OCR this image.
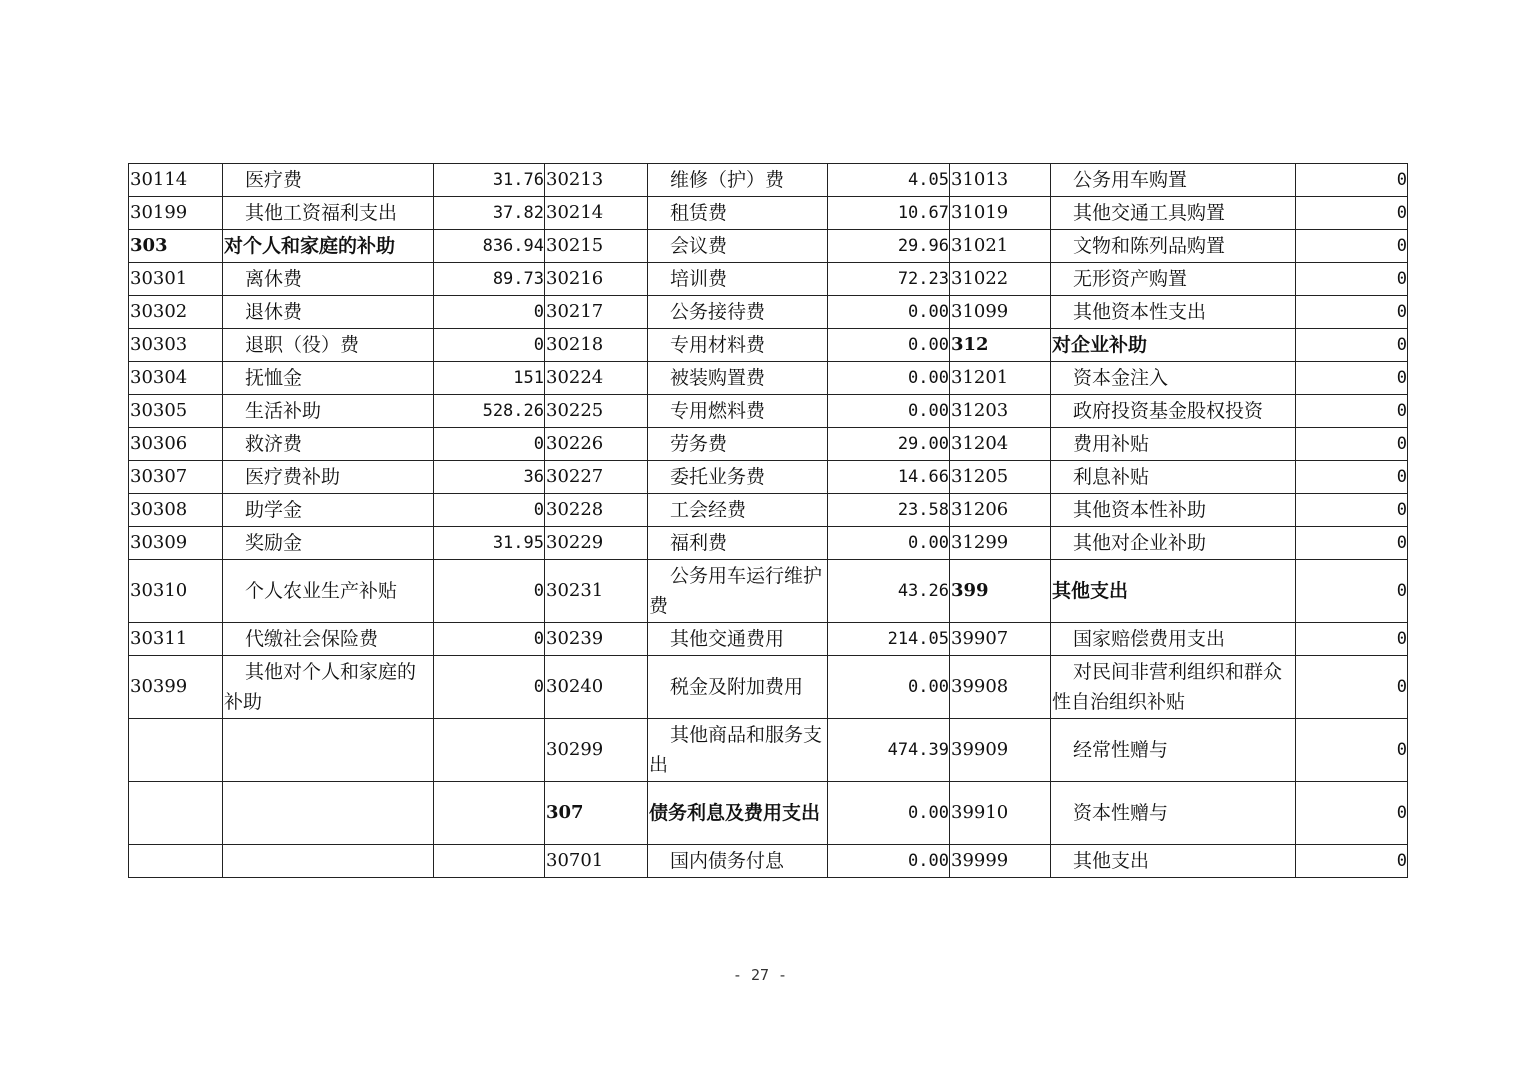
30114	医疗费	31.76	30213	维修（护）费	4.05	31013	公务用车购置	0
30199	其他工资福利支出	37.82	30214	租赁费	10.67	31019	其他交通工具购置	0
303	对个人和家庭的补助	836.94	30215	会议费	29.96	31021	文物和陈列品购置	0
30301	离休费	89.73	30216	培训费	72.23	31022	无形资产购置	0
30302	退休费	0	30217	公务接待费	0.00	31099	其他资本性支出	0
30303	退职（役）费	0	30218	专用材料费	0.00	312	对企业补助	0
30304	抚恤金	151	30224	被装购置费	0.00	31201	资本金注入	0
30305	生活补助	528.26	30225	专用燃料费	0.00	31203	政府投资基金股权投资	0
30306	救济费	0	30226	劳务费	29.00	31204	费用补贴	0
30307	医疗费补助	36	30227	委托业务费	14.66	31205	利息补贴	0
30308	助学金	0	30228	工会经费	23.58	31206	其他资本性补助	0
30309	奖励金	31.95	30229	福利费	0.00	31299	其他对企业补助	0
30310	个人农业生产补贴	0	30231	公务用车运行维护费	43.26	399	其他支出	0
30311	代缴社会保险费	0	30239	其他交通费用	214.05	39907	国家赔偿费用支出	0
30399	其他对个人和家庭的补助	0	30240	税金及附加费用	0.00	39908	对民间非营利组织和群众性自治组织补贴	0
			30299	其他商品和服务支出	474.39	39909	经常性赠与	0
			307	债务利息及费用支出	0.00	39910	资本性赠与	0
			30701	国内债务付息	0.00	39999	其他支出	0
- 27 -
